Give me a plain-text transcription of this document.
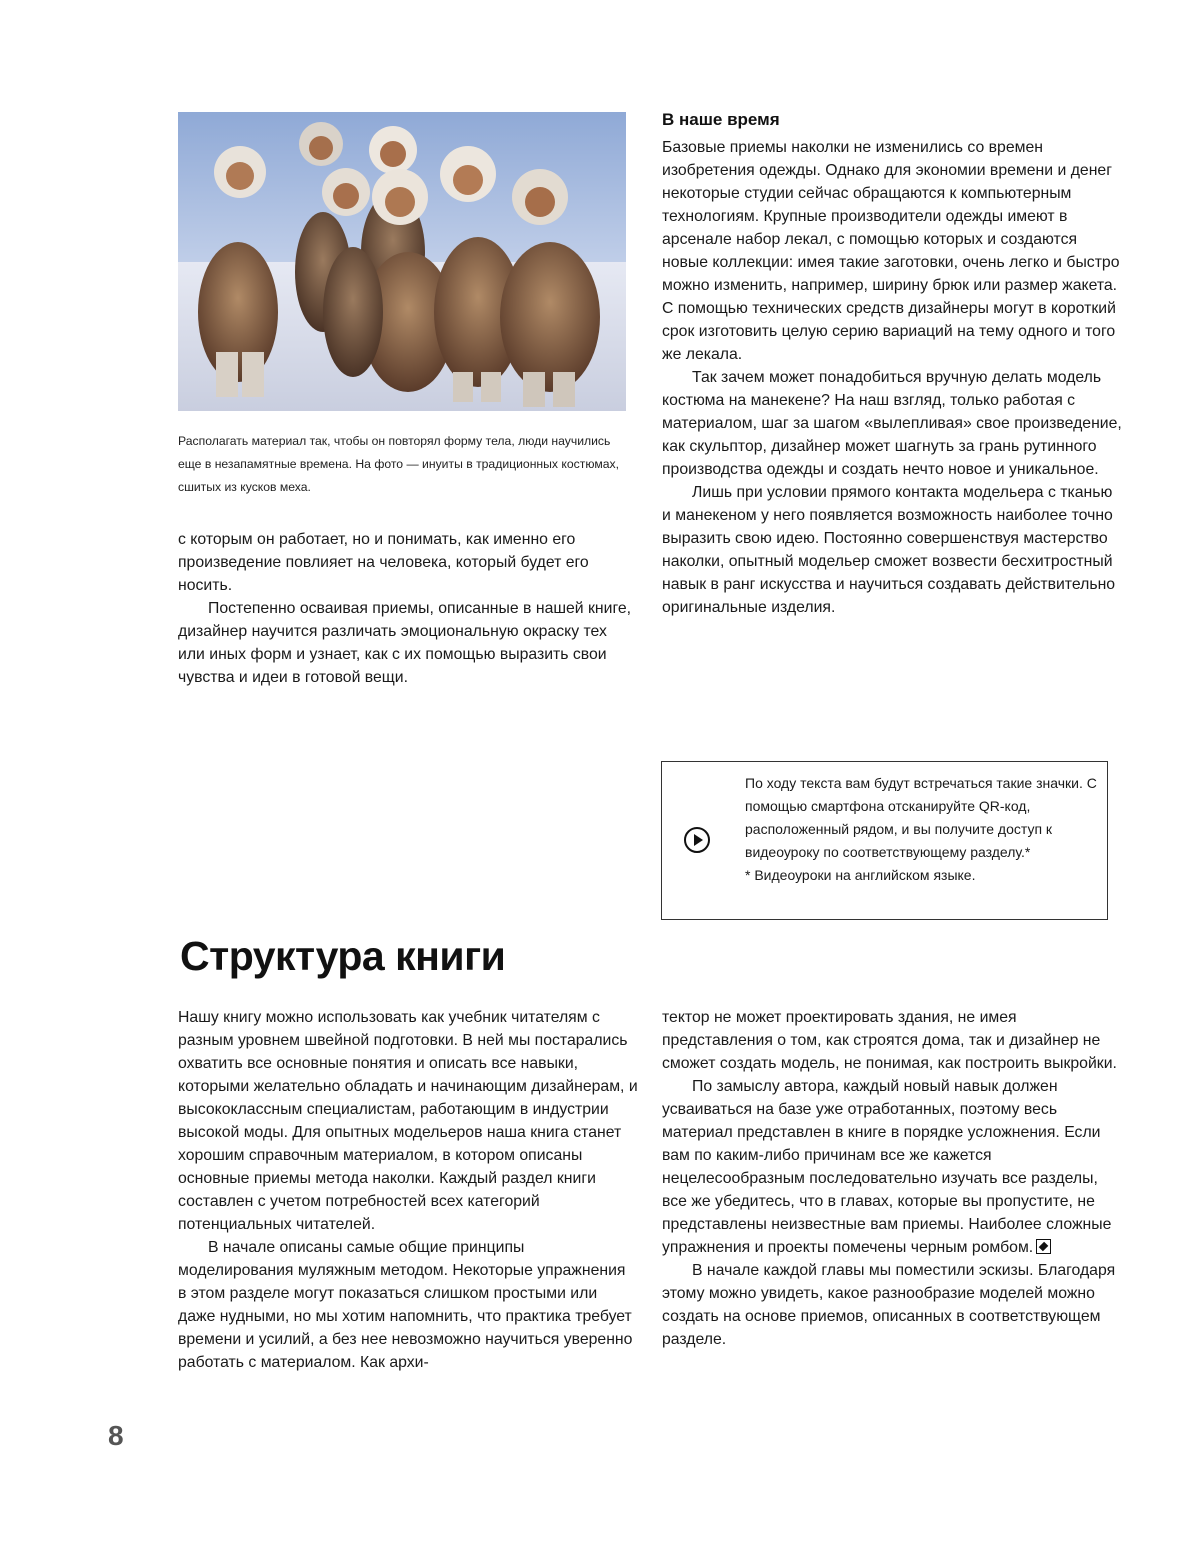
Располагать материал так, чтобы он повторял форму тела, люди научились еще в незапамятные времена. На фото — инуиты в традиционных костюмах, сшитых из кусков меха.

с которым он работает, но и понимать, как именно его произведение повлияет на человека, который будет его носить.

Постепенно осваивая приемы, описанные в нашей книге, дизайнер научится различать эмоциональную окраску тех или иных форм и узнает, как с их помощью выразить свои чувства и идеи в готовой вещи.

В наше время

Базовые приемы наколки не изменились со времен изобретения одежды. Однако для экономии времени и денег некоторые студии сейчас обращаются к компьютерным технологиям. Крупные производители одежды имеют в арсенале набор лекал, с помощью которых и создаются новые коллекции: имея такие заготовки, очень легко и быстро можно изменить, например, ширину брюк или размер жакета. С помощью технических средств дизайнеры могут в короткий срок изготовить целую серию вариаций на тему одного и того же лекала.

Так зачем может понадобиться вручную делать модель костюма на манекене? На наш взгляд, только работая с материалом, шаг за шагом «вылепливая» свое произведение, как скульптор, дизайнер может шагнуть за грань рутинного производства одежды и создать нечто новое и уникальное.

Лишь при условии прямого контакта модельера с тканью и манекеном у него появляется возможность наиболее точно выразить свою идею. Постоянно совершенствуя мастерство наколки, опытный модельер сможет возвести бесхитростный навык в ранг искусства и научиться создавать действительно оригинальные изделия.

По ходу текста вам будут встречаться такие значки. С помощью смартфона отсканируйте QR-код, расположенный рядом, и вы получите доступ к видеоуроку по соответствующему разделу.*

* Видеоуроки на английском языке.

Структура книги

Нашу книгу можно использовать как учебник читателям с разным уровнем швейной подготовки. В ней мы постарались охватить все основные понятия и описать все навыки, которыми желательно обладать и начинающим дизайнерам, и высококлассным специалистам, работающим в индустрии высокой моды. Для опытных модельеров наша книга станет хорошим справочным материалом, в котором описаны основные приемы метода наколки. Каждый раздел книги составлен с учетом потребностей всех категорий потенциальных читателей.

В начале описаны самые общие принципы моделирования муляжным методом. Некоторые упражнения в этом разделе могут показаться слишком простыми или даже нудными, но мы хотим напомнить, что практика требует времени и усилий, а без нее невозможно научиться уверенно работать с материалом. Как архи-

тектор не может проектировать здания, не имея представления о том, как строятся дома, так и дизайнер не сможет создать модель, не понимая, как построить выкройки.

По замыслу автора, каждый новый навык должен усваиваться на базе уже отработанных, поэтому весь материал представлен в книге в порядке усложнения. Если вам по каким-либо причинам все же кажется нецелесообразным последовательно изучать все разделы, все же убедитесь, что в главах, которые вы пропустите, не представлены неизвестные вам приемы. Наиболее сложные упражнения и проекты помечены черным ромбом.

В начале каждой главы мы поместили эскизы. Благодаря этому можно увидеть, какое разнообразие моделей можно создать на основе приемов, описанных в соответствующем разделе.

8
